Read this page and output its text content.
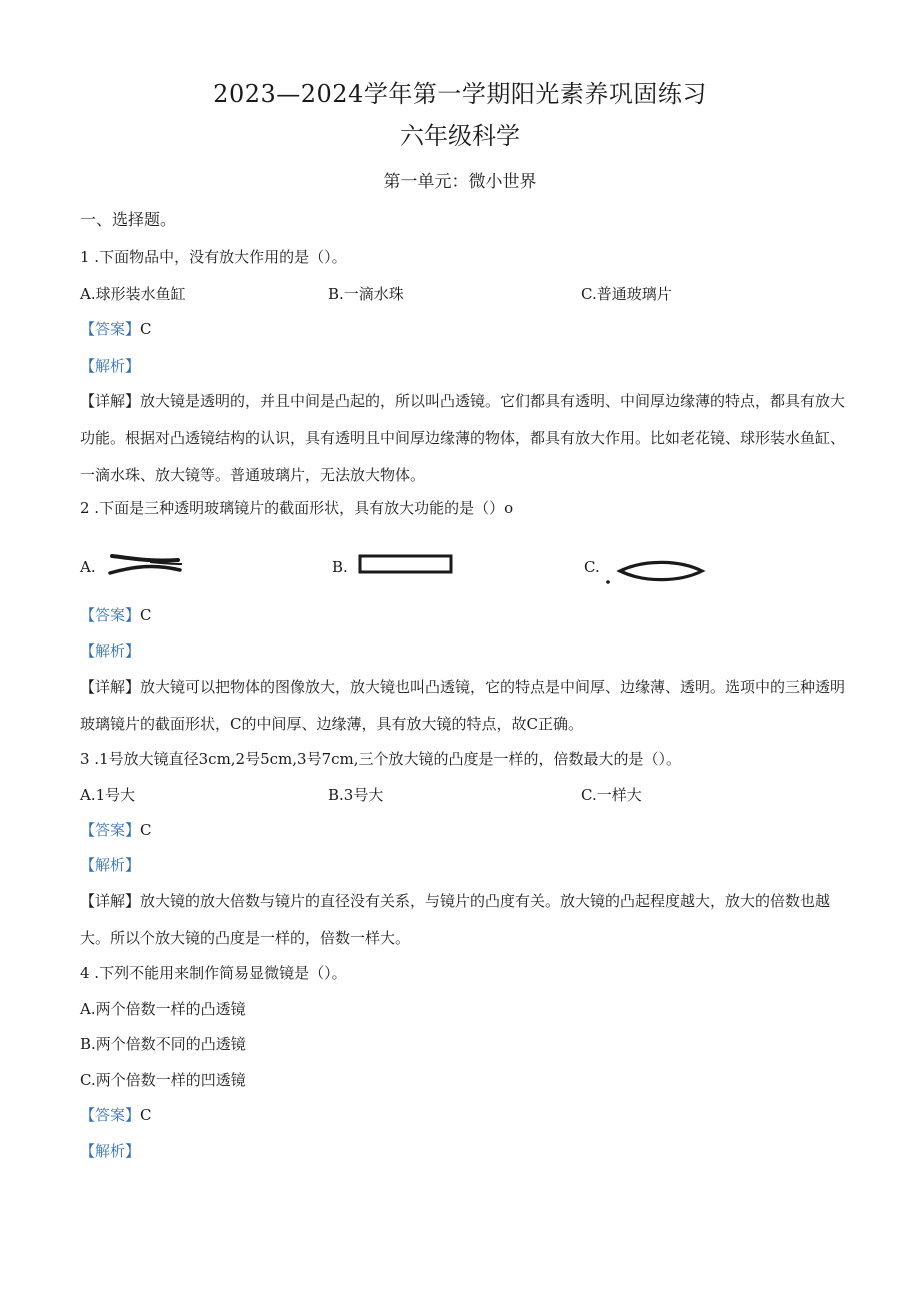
2023—2024学年第一学期阳光素养巩固练习
六年级科学
第一单元：微小世界
一、选择题。
1 .下面物品中，没有放大作用的是（）。
A.球形装水鱼缸	B.一滴水珠	C.普通玻璃片
【答案】C
【解析】
【详解】放大镜是透明的，并且中间是凸起的，所以叫凸透镜。它们都具有透明、中间厚边缘薄的特点，都具有放大功能。根据对凸透镜结构的认识，具有透明且中间厚边缘薄的物体，都具有放大作用。比如老花镜、球形装水鱼缸、一滴水珠、放大镜等。普通玻璃片，无法放大物体。
2 .下面是三种透明玻璃镜片的截面形状，具有放大功能的是（）o
A.	B.	C.
【答案】C
【解析】
【详解】放大镜可以把物体的图像放大，放大镜也叫凸透镜，它的特点是中间厚、边缘薄、透明。选项中的三种透明玻璃镜片的截面形状，C的中间厚、边缘薄，具有放大镜的特点，故C正确。
3 .1号放大镜直径3cm,2号5cm,3号7cm,三个放大镜的凸度是一样的，倍数最大的是（）。
A.1号大	B.3号大	C.一样大
【答案】C
【解析】
【详解】放大镜的放大倍数与镜片的直径没有关系，与镜片的凸度有关。放大镜的凸起程度越大，放大的倍数也越大。所以个放大镜的凸度是一样的，倍数一样大。
4 .下列不能用来制作简易显微镜是（）。
A.两个倍数一样的凸透镜
B.两个倍数不同的凸透镜
C.两个倍数一样的凹透镜
【答案】C
【解析】
